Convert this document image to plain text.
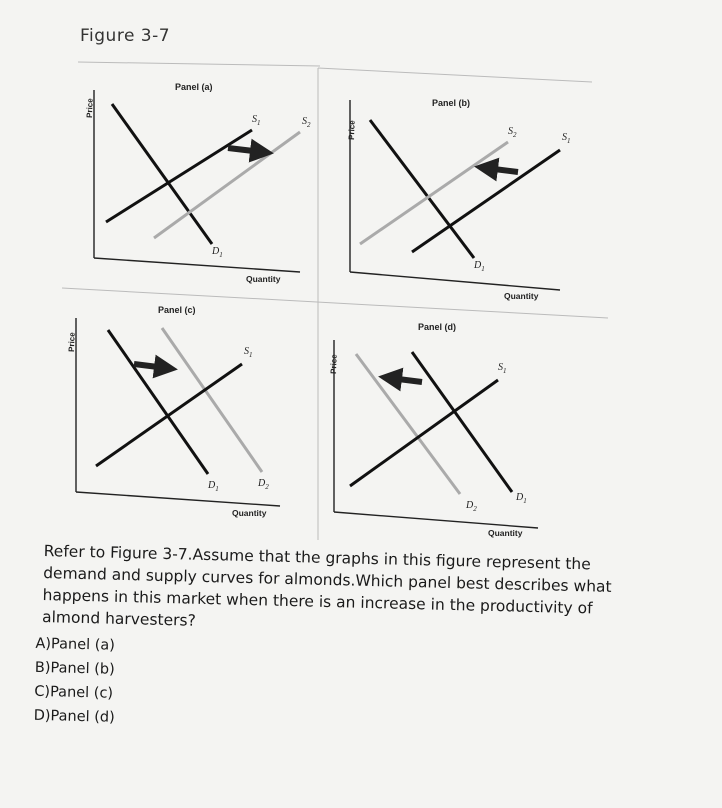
Figure 3-7
Panel (a)
Price
Quantity
$S_1$	$S_2$
$D_1$
Panel (b)
Price
Quantity
$S_1$
$S_2$
$D_1$
Panel (c)
Price
Quantity
$S_1$
$D_1$	$D_2$
Panel (d)
Price
Quantity
$S_1$
$D_1$
$D_2$
Refer to Figure 3-7.Assume that the graphs in this figure represent the demand and supply curves for almonds.Which panel best describes what happens in this market when there is an increase in the productivity of almond harvesters?
A)Panel (a)
B)Panel (b)
C)Panel (c)
D)Panel (d)
